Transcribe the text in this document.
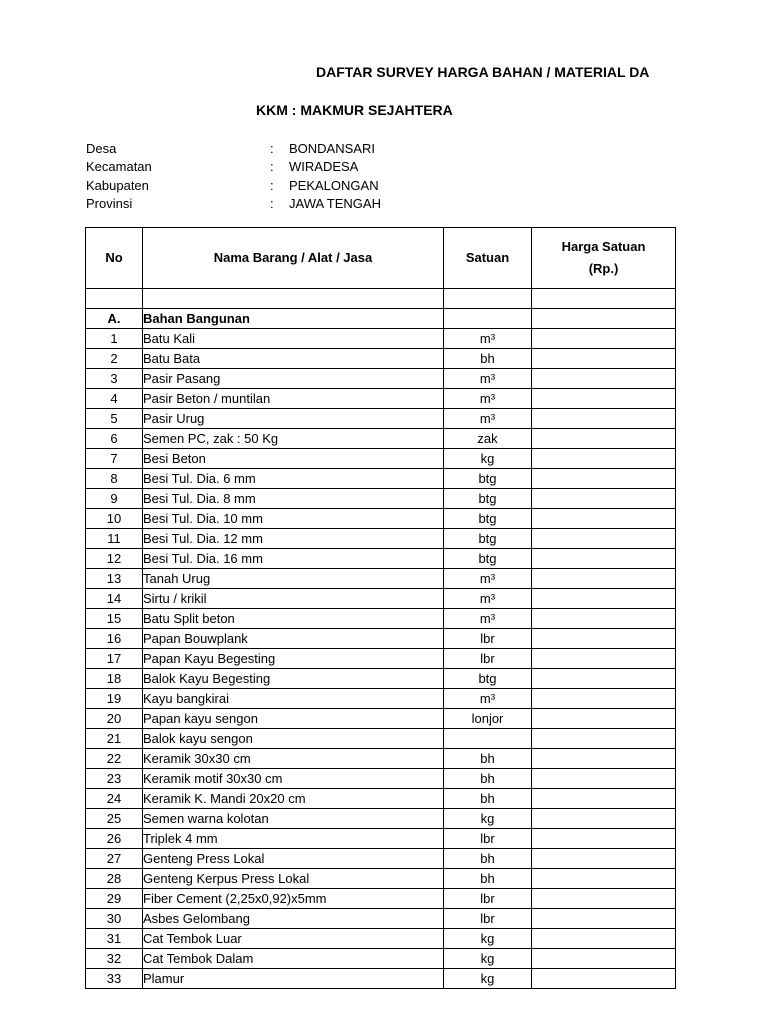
DAFTAR SURVEY HARGA BAHAN / MATERIAL DA
KKM : MAKMUR SEJAHTERA
Desa	: BONDANSARI
Kecamatan	: WIRADESA
Kabupaten	: PEKALONGAN
Provinsi	: JAWA TENGAH
No	Nama Barang / Alat / Jasa	Satuan	Harga Satuan
(Rp.)

A.	Bahan Bangunan		
1	Batu Kali	m³	
2	Batu Bata	bh	
3	Pasir Pasang	m³	
4	Pasir Beton / muntilan	m³	
5	Pasir Urug	m³	
6	Semen PC, zak : 50 Kg	zak	
7	Besi Beton	kg	
8	Besi Tul. Dia. 6 mm	btg	
9	Besi Tul. Dia. 8 mm	btg	
10	Besi Tul. Dia. 10 mm	btg	
11	Besi Tul. Dia. 12 mm	btg	
12	Besi Tul. Dia. 16 mm	btg	
13	Tanah Urug	m³	
14	Sirtu / krikil	m³	
15	Batu Split beton	m³	
16	Papan Bouwplank	lbr	
17	Papan Kayu Begesting	lbr	
18	Balok Kayu Begesting	btg	
19	Kayu bangkirai	m³	
20	Papan kayu sengon	lonjor	
21	Balok kayu sengon		
22	Keramik 30x30 cm	bh	
23	Keramik motif 30x30 cm	bh	
24	Keramik K. Mandi 20x20 cm	bh	
25	Semen warna kolotan	kg	
26	Triplek 4 mm	lbr	
27	Genteng Press Lokal	bh	
28	Genteng Kerpus Press Lokal	bh	
29	Fiber Cement (2,25x0,92)x5mm	lbr	
30	Asbes Gelombang	lbr	
31	Cat Tembok Luar	kg	
32	Cat Tembok Dalam	kg	
33	Plamur	kg	
